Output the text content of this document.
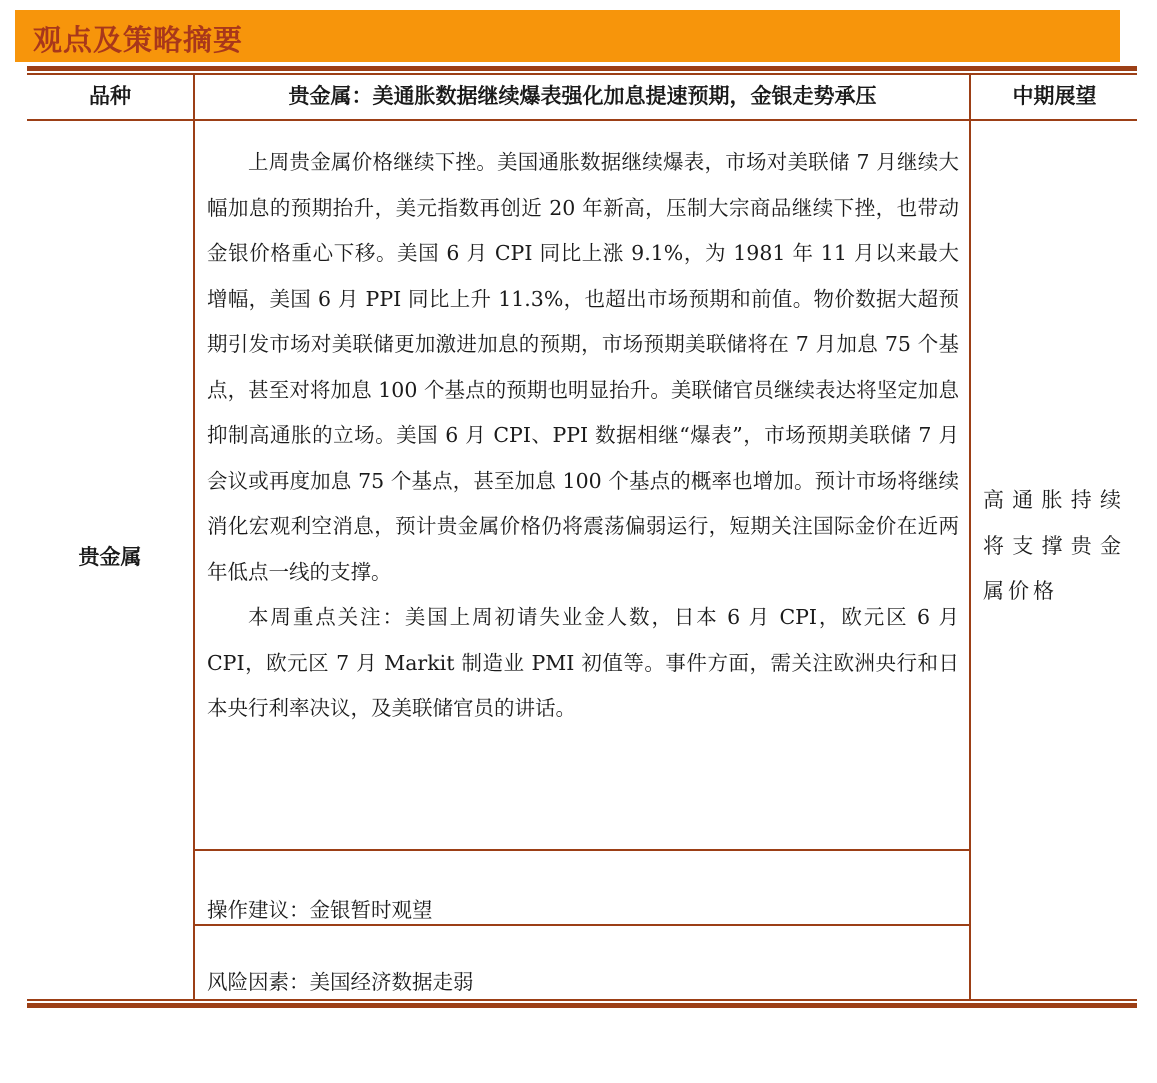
观点及策略摘要
品种	贵金属：美通胀数据继续爆表强化加息提速预期，金银走势承压	中期展望
贵金属

上周贵金属价格继续下挫。美国通胀数据继续爆表，市场对美联储 7 月继续大幅加息的预期抬升，美元指数再创近 20 年新高，压制大宗商品继续下挫，也带动金银价格重心下移。美国 6 月 CPI 同比上涨 9.1%，为 1981 年 11 月以来最大增幅，美国 6 月 PPI 同比上升 11.3%，也超出市场预期和前值。物价数据大超预期引发市场对美联储更加激进加息的预期，市场预期美联储将在 7 月加息 75 个基点，甚至对将加息 100 个基点的预期也明显抬升。美联储官员继续表达将坚定加息抑制高通胀的立场。美国 6 月 CPI、PPI 数据相继“爆表”，市场预期美联储 7 月会议或再度加息 75 个基点，甚至加息 100 个基点的概率也增加。预计市场将继续消化宏观利空消息，预计贵金属价格仍将震荡偏弱运行，短期关注国际金价在近两年低点一线的支撑。

本周重点关注：美国上周初请失业金人数，日本 6 月 CPI，欧元区 6 月 CPI，欧元区 7 月 Markit 制造业 PMI 初值等。事件方面，需关注欧洲央行和日本央行利率决议，及美联储官员的讲话。

操作建议：金银暂时观望
风险因素：美国经济数据走弱
高通胀持续将支撑贵金属价格
